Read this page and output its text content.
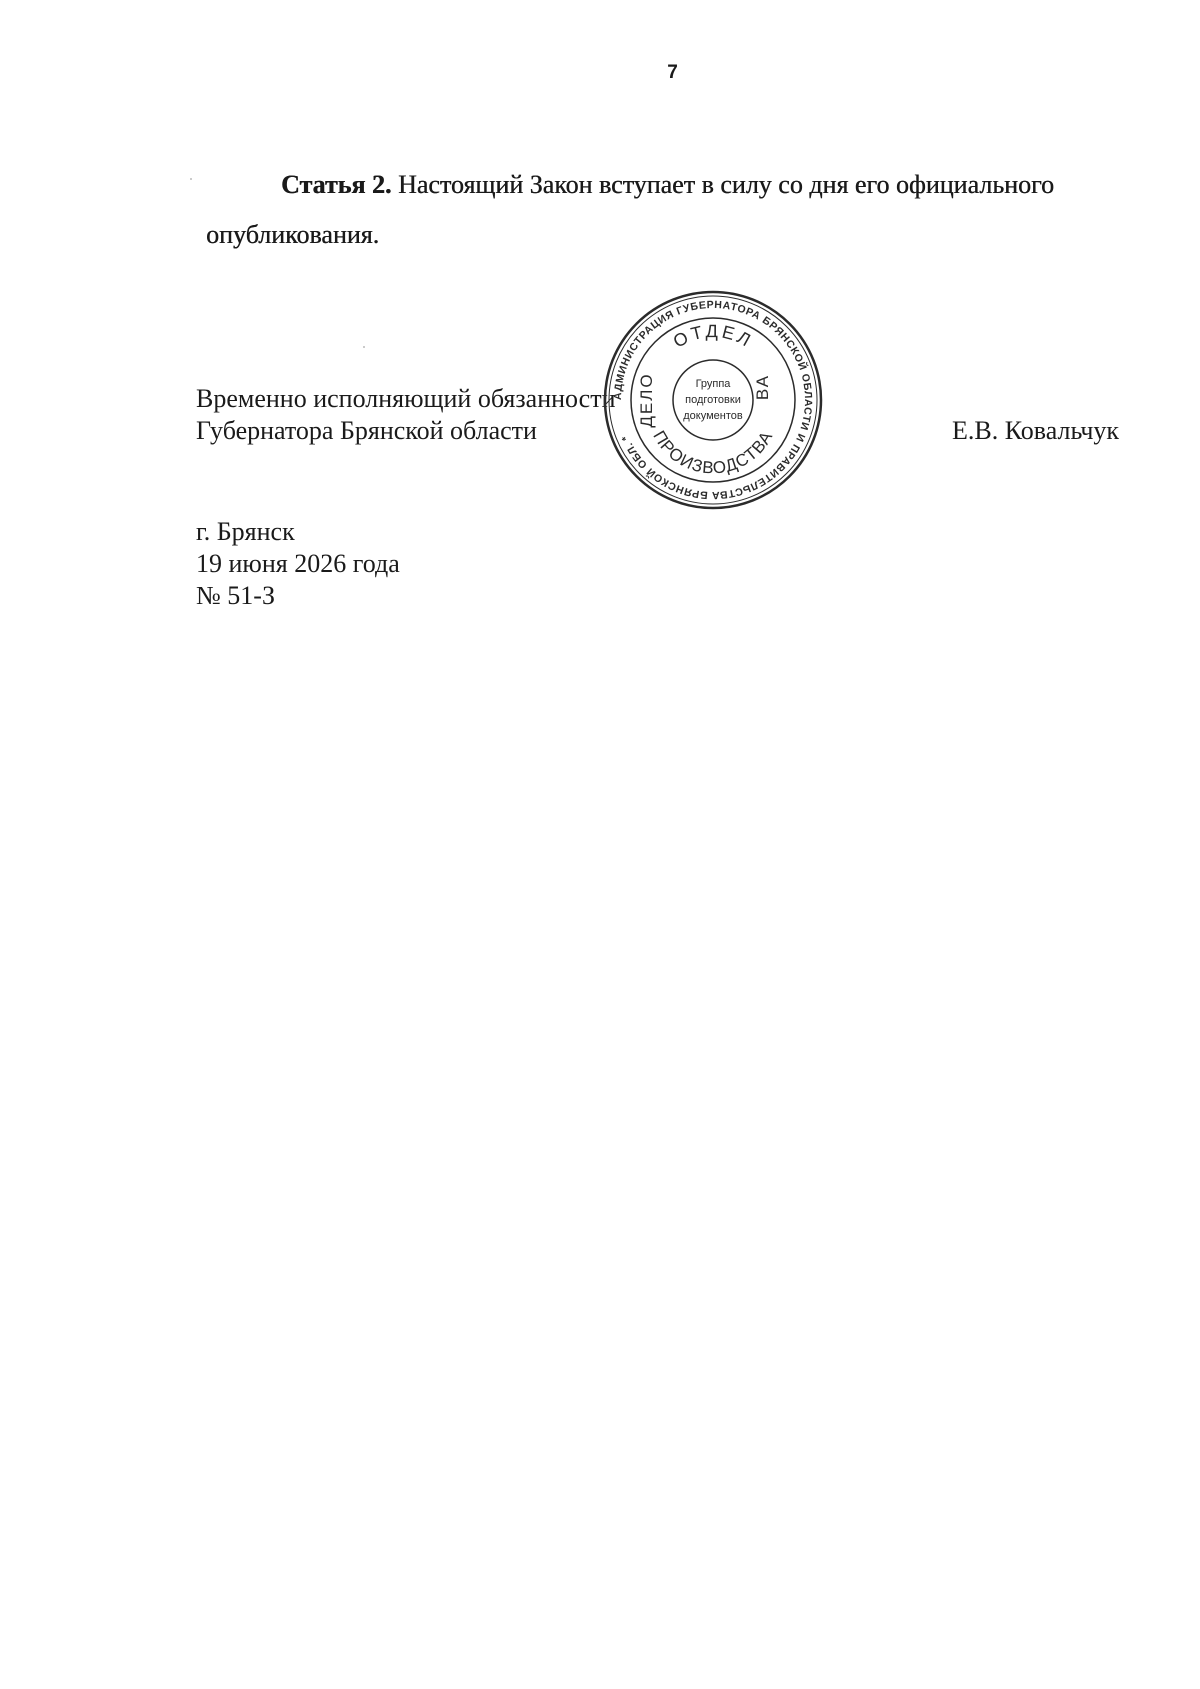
7
Статья 2. Настоящий Закон вступает в силу со дня его официального опубликования.
Временно исполняющий обязанности
Губернатора Брянской области
АДМИНИСТРАЦИЯ ГУБЕРНАТОРА БРЯНСКОЙ ОБЛАСТИ И ПРАВИТЕЛЬСТВА БРЯНСКОЙ ОБЛ. *
ОТДЕЛ
ПРОИЗВОДСТВА
ДЕЛО	ВА
Группа
подготовки
документов	Е.В. Ковальчук
г. Брянск
19 июня 2026 года
№ 51-З
